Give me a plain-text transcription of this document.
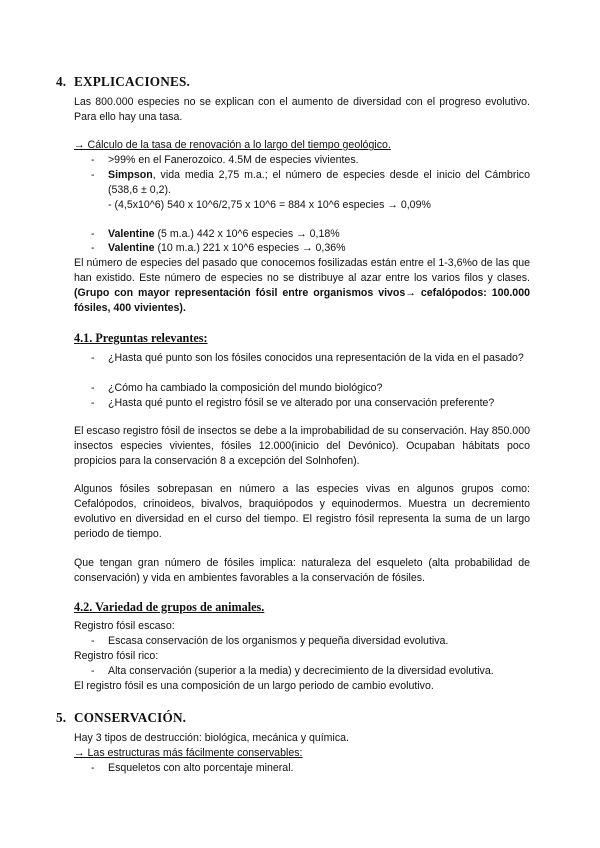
4. EXPLICACIONES.
Las 800.000 especies no se explican con el aumento de diversidad con el progreso evolutivo. Para ello hay una tasa.
→ Cálculo de la tasa de renovación a lo largo del tiempo geológico.
- >99% en el Fanerozoico. 4.5M de especies vivientes.
- Simpson, vida media 2,75 m.a.; el número de especies desde el inicio del Cámbrico (538,6 ± 0,2).
- (4,5x10^6) 540 x 10^6/2,75 x 10^6 = 884 x 10^6 especies → 0,09%
- Valentine (5 m.a.) 442 x 10^6 especies → 0,18%
- Valentine (10 m.a.) 221 x 10^6 especies → 0,36%
El número de especies del pasado que conocemos fosilizadas están entre el 1-3,6%o de las que han existido. Este número de especies no se distribuye al azar entre los varios filos y clases. (Grupo con mayor representación fósil entre organismos vivos→ cefalópodos: 100.000 fósiles, 400 vivientes).
4.1. Preguntas relevantes:
- ¿Hasta qué punto son los fósiles conocidos una representación de la vida en el pasado?
- ¿Cómo ha cambiado la composición del mundo biológico?
- ¿Hasta qué punto el registro fósil se ve alterado por una conservación preferente?
El escaso registro fósil de insectos se debe a la improbabilidad de su conservación. Hay 850.000 insectos especies vivientes, fósiles 12.000(inicio del Devónico). Ocupaban hábitats poco propicios para la conservación 8 a excepción del Solnhofen).
Algunos fósiles sobrepasan en número a las especies vivas en algunos grupos como: Cefalópodos, crinoideos, bivalvos, braquiópodos y equinodermos. Muestra un decremiento evolutivo en diversidad en el curso del tiempo. El registro fósil representa la suma de un largo periodo de tiempo.
Que tengan gran número de fósiles implica: naturaleza del esqueleto (alta probabilidad de conservación) y vida en ambientes favorables a la conservación de fósiles.
4.2. Variedad de grupos de animales.
Registro fósil escaso:
- Escasa conservación de los organismos y pequeña diversidad evolutiva.
Registro fósil rico:
- Alta conservación (superior a la media) y decrecimiento de la diversidad evolutiva.
El registro fósil es una composición de un largo periodo de cambio evolutivo.
5. CONSERVACIÓN.
Hay 3 tipos de destrucción: biológica, mecánica y química.
→ Las estructuras más fácilmente conservables:
- Esqueletos con alto porcentaje mineral.
